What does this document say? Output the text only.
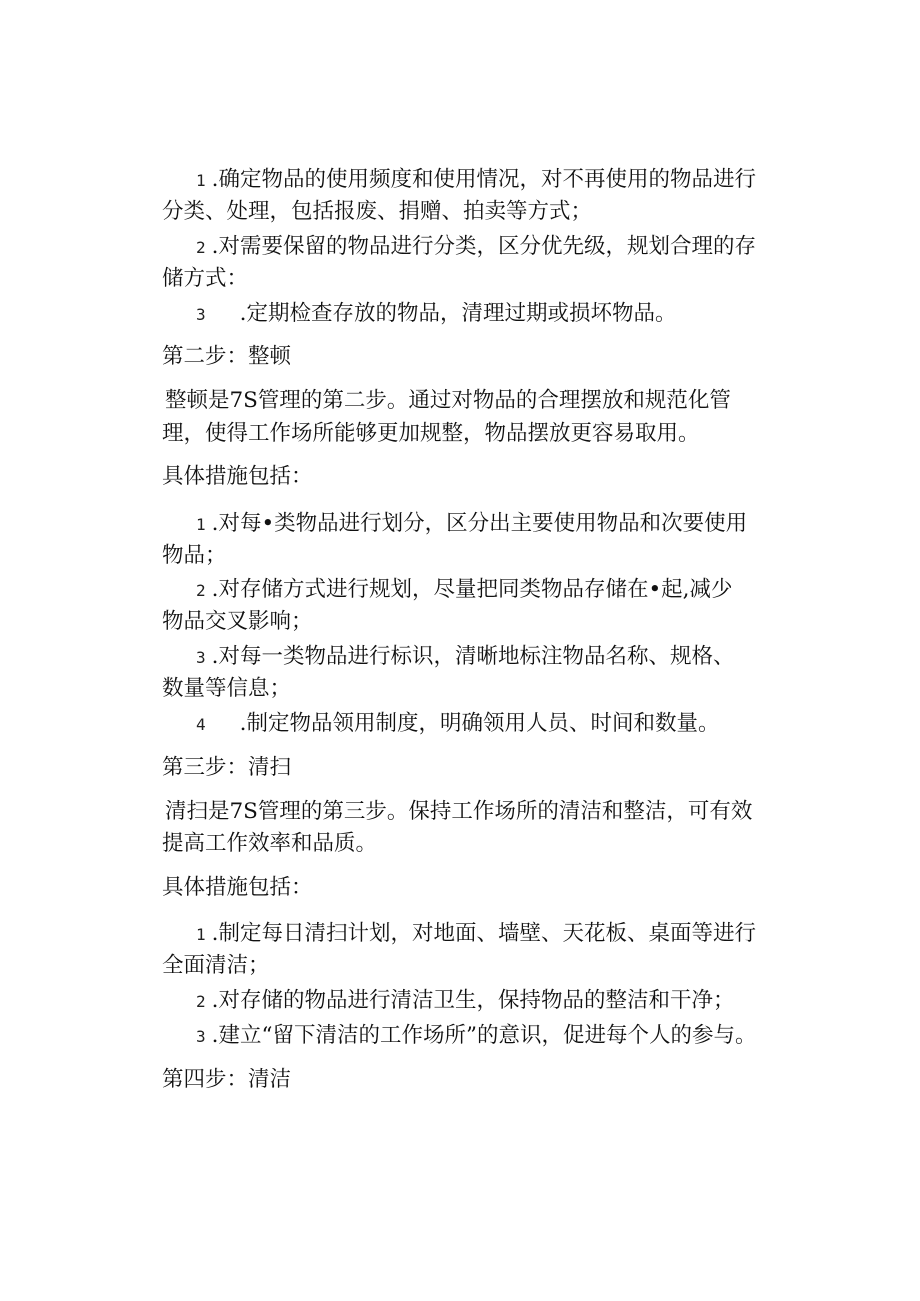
1 .确定物品的使用频度和使用情况，对不再使用的物品进行
分类、处理，包括报废、捐赠、拍卖等方式；
2 .对需要保留的物品进行分类，区分优先级，规划合理的存
储方式：
3 .定期检查存放的物品，清理过期或损坏物品。
第二步：整顿
整顿是7S管理的第二步。通过对物品的合理摆放和规范化管
理，使得工作场所能够更加规整，物品摆放更容易取用。
具体措施包括：
1 .对每•类物品进行划分，区分出主要使用物品和次要使用
物品；
2 .对存储方式进行规划，尽量把同类物品存储在•起,减少
物品交叉影响；
3 .对每一类物品进行标识，清晰地标注物品名称、规格、
数量等信息；
4 .制定物品领用制度，明确领用人员、时间和数量。
第三步：清扫
清扫是7S管理的第三步。保持工作场所的清洁和整洁，可有效
提高工作效率和品质。
具体措施包括：
1 .制定每日清扫计划，对地面、墙壁、天花板、桌面等进行
全面清洁；
2 .对存储的物品进行清洁卫生，保持物品的整洁和干净；
3 .建立“留下清洁的工作场所”的意识，促进每个人的参与。
第四步：清洁
